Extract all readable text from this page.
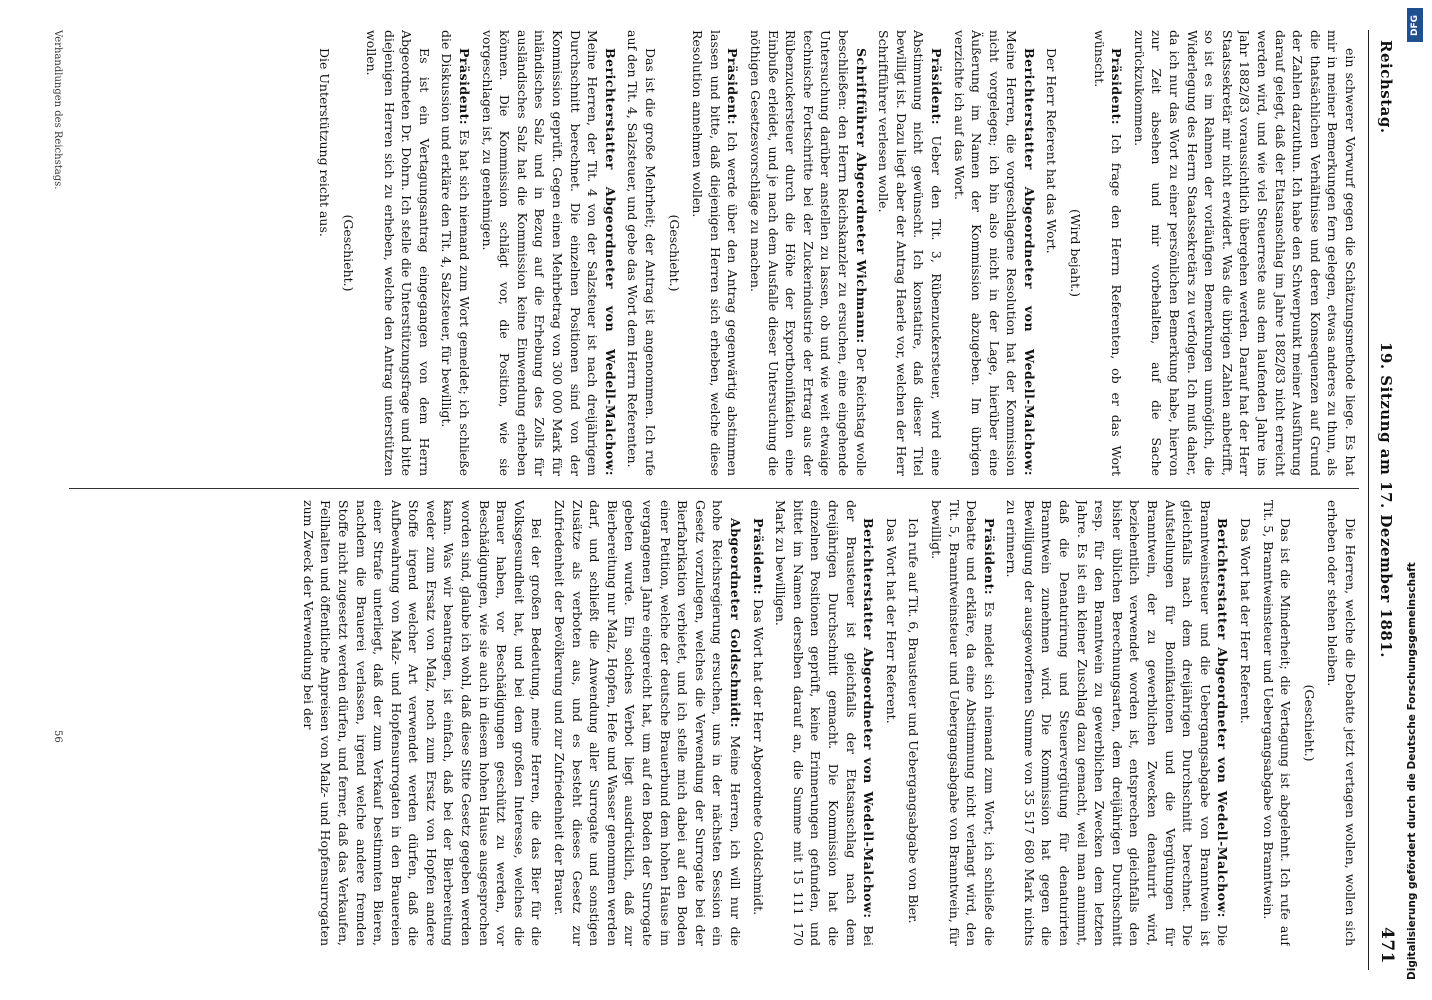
Reichstag.
19. Sitzung am 17. Dezember 1881.
471

ein schwerer Vorwurf gegen die Schätzungsmethode liege. Es hat mir in meiner Bemerkungen fern gelegen, etwas anderes zu thun, als die thatsächlichen Verhältnisse und deren Konsequenzen auf Grund der Zahlen darzuthun. Ich habe den Schwerpunkt meiner Ausführung darauf gelegt, daß der Etatsanschlag im Jahre 1882/83 nicht erreicht werden wird, und wie viel Steuerreste aus dem laufenden Jahre ins Jahr 1882/83 voraussichtlich übergehen werden. Darauf hat der Herr Staatssekretär mir nicht erwidert. Was die übrigen Zahlen anbetrifft, so ist es im Rahmen der vorläufigen Bemerkungen unmöglich, die Widerlegung des Herrn Staatssekretärs zu verfolgen. Ich muß daher, da ich nur das Wort zu einer persönlichen Bemerkung habe, hiervon zur Zeit absehen und mir vorbehalten, auf die Sache zurückzukommen.

Präsident: Ich frage den Herrn Referenten, ob er das Wort wünscht.

(Wird bejaht.)

Der Herr Referent hat das Wort.

Berichterstatter Abgeordneter von Wedell-Malchow: Meine Herren, die vorgeschlagene Resolution hat der Kommission nicht vorgelegen; ich bin also nicht in der Lage, hierüber eine Äußerung im Namen der Kommission abzugeben. Im übrigen verzichte ich auf das Wort.

Präsident: Ueber den Tit. 3, Rübenzuckersteuer, wird eine Abstimmung nicht gewünscht. Ich konstatire, daß dieser Titel bewilligt ist. Dazu liegt aber der Antrag Haerle vor, welchen der Herr Schriftführer verlesen wolle.

Schriftführer Abgeordneter Wichmann: Der Reichstag wolle beschließen: den Herrn Reichskanzler zu ersuchen, eine eingehende Untersuchung darüber anstellen zu lassen, ob und wie weit etwaige technische Fortschritte bei der Zuckerindustrie der Ertrag aus der Rübenzuckersteuer durch die Höhe der Exportbonifikation eine Einbuße erleidet, und je nach dem Ausfalle dieser Untersuchung die nöthigen Gesetzesvorschläge zu machen.

Präsident: Ich werde über den Antrag gegenwärtig abstimmen lassen und bitte, daß diejenigen Herren sich erheben, welche diese Resolution annehmen wollen.

(Geschieht.)

Das ist die große Mehrheit; der Antrag ist angenommen. Ich rufe auf den Tit. 4, Salzsteuer, und gebe das Wort dem Herrn Referenten.

Berichterstatter Abgeordneter von Wedell-Malchow: Meine Herren, der Tit. 4 von der Salzsteuer ist nach dreijährigem Durchschnitt berechnet. Die einzelnen Positionen sind von der Kommission geprüft. Gegen einen Mehrbetrag von 300 000 Mark für inländisches Salz und in Bezug auf die Erhebung des Zolls für ausländisches Salz hat die Kommission keine Einwendung erheben können. Die Kommission schlägt vor, die Position, wie sie vorgeschlagen ist, zu genehmigen.

Präsident: Es hat sich niemand zum Wort gemeldet; ich schließe die Diskussion und erkläre den Tit. 4, Salzsteuer, für bewilligt.

Es ist ein Vertagungsantrag eingegangen von dem Herrn Abgeordneten Dr. Dohrn. Ich stelle die Unterstützungsfrage und bitte diejenigen Herren sich zu erheben, welche den Antrag unterstützen wollen.

(Geschieht.)

Die Unterstützung reicht aus.

Die Herren, welche die Debatte jetzt vertagen wollen, wollen sich erheben oder stehen bleiben.

(Geschieht.)

Das ist die Minderheit; die Vertagung ist abgelehnt. Ich rufe auf Tit. 5, Branntweinsteuer und Uebergangsabgabe von Branntwein.

Das Wort hat der Herr Referent.

Berichterstatter Abgeordneter von Wedell-Malchow: Die Branntweinsteuer und die Uebergangsabgabe von Branntwein ist gleichfalls nach dem dreijährigen Durchschnitt berechnet. Die Aufstellungen für Bonifikationen und die Vergütungen für Branntwein, der zu gewerblichen Zwecken denaturirt wird, beziehentlich verwendet worden ist, entsprechen gleichfalls den bisher üblichen Berechnungsarten, dem dreijährigen Durchschnitt resp. für den Branntwein zu gewerblichen Zwecken dem letzten Jahre. Es ist ein kleiner Zuschlag dazu gemacht, weil man annimmt, daß die Denaturirung und Steuervergütung für denaturirten Branntwein zunehmen wird. Die Kommission hat gegen die Bewilligung der ausgeworfenen Summe von 35 517 680 Mark nichts zu erinnern.

Präsident: Es meldet sich niemand zum Wort; ich schließe die Debatte und erkläre, da eine Abstimmung nicht verlangt wird, den Tit. 5, Branntweinsteuer und Uebergangsabgabe von Branntwein, für bewilligt.

Ich rufe auf Tit. 6, Brausteuer und Uebergangsabgabe von Bier.

Das Wort hat der Herr Referent.

Berichterstatter Abgeordneter von Wedell-Malchow: Bei der Brausteuer ist gleichfalls der Etatsanschlag nach dem dreijährigen Durchschnitt gemacht. Die Kommission hat die einzelnen Positionen geprüft, keine Erinnerungen gefunden, und bittet im Namen derselben darauf an, die Summe mit 15 111 170 Mark zu bewilligen.

Präsident: Das Wort hat der Herr Abgeordnete Goldschmidt.

Abgeordneter Goldschmidt: Meine Herren, ich will nur die hohe Reichsregierung ersuchen, uns in der nächsten Session ein Gesetz vorzulegen, welches die Verwendung der Surrogate bei der Bierfabrikation verbietet, und ich stelle mich dabei auf den Boden einer Petition, welche der deutsche Brauerbund dem hohen Hause im vergangenen Jahre eingereicht hat, um auf den Boden der Surrogate gebeten wurde. Ein solches Verbot liegt ausdrücklich, daß zur Bierbereitung nur Malz, Hopfen, Hefe und Wasser genommen werden darf, und schließt die Anwendung aller Surrogate und sonstigen Zusätze als verboten aus, und es besteht dieses Gesetz zur Zufriedenheit der Bevölkerung und zur Zufriedenheit der Brauer.

Bei der großen Bedeutung, meine Herren, die das Bier für die Volksgesundheit hat, und bei dem großen Interesse, welches die Brauer haben, vor Beschädigungen geschützt zu werden, vor Beschädigungen, wie sie auch in diesem hohen Hause ausgesprochen worden sind, glaube ich wohl, daß diese Sitte Gesetz gegeben werden kann. Was wir beantragen, ist einfach, daß bei der Bierbereitung weder zum Ersatz von Malz, noch zum Ersatz von Hopfen andere Stoffe irgend welcher Art verwendet werden dürfen, daß die Aufbewahrung von Malz- und Hopfensurrogaten in den Brauereien einer Strafe unterliegt, daß der zum Verkauf bestimmten Bieren, nachdem die Brauerei verlassen, irgend welche andere fremden Stoffe nicht zugesetzt werden dürfen, und ferner, daß das Verkaufen, Feilhalten und öffentliche Anpreisen von Malz- und Hopfensurrogaten zum Zweck der Verwendung bei der

Verhandlungen des Reichstags.
56
DFG
Digitalisierung gefördert durch die Deutsche Forschungsgemeinschaft
